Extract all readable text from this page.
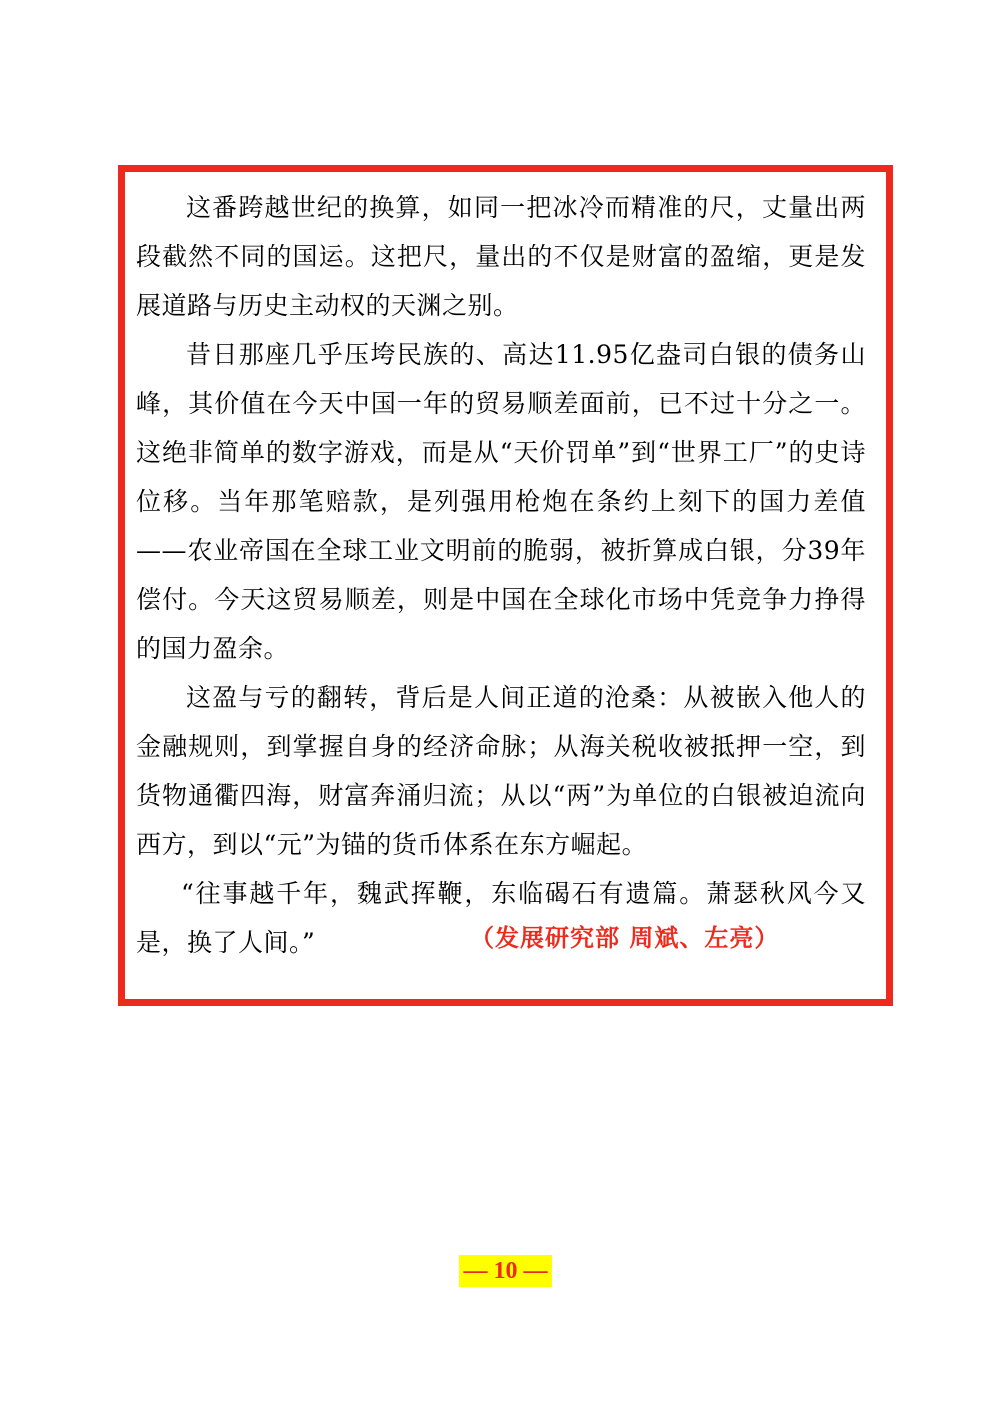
这番跨越世纪的换算，如同一把冰冷而精准的尺，丈量出两段截然不同的国运。这把尺，量出的不仅是财富的盈缩，更是发展道路与历史主动权的天渊之别。

昔日那座几乎压垮民族的、高达11.95亿盎司白银的债务山峰，其价值在今天中国一年的贸易顺差面前，已不过十分之一。这绝非简单的数字游戏，而是从“天价罚单”到“世界工厂”的史诗位移。当年那笔赔款，是列强用枪炮在条约上刻下的国力差值——农业帝国在全球工业文明前的脆弱，被折算成白银，分39年偿付。今天这贸易顺差，则是中国在全球化市场中凭竞争力挣得的国力盈余。

这盈与亏的翻转，背后是人间正道的沧桑：从被嵌入他人的金融规则，到掌握自身的经济命脉；从海关税收被抵押一空，到货物通衢四海，财富奔涌归流；从以“两”为单位的白银被迫流向西方，到以“元”为锚的货币体系在东方崛起。

“往事越千年，魏武挥鞭，东临碣石有遗篇。萧瑟秋风今又是，换了人间。”	（发展研究部 周斌、左亮）
— 10 —
